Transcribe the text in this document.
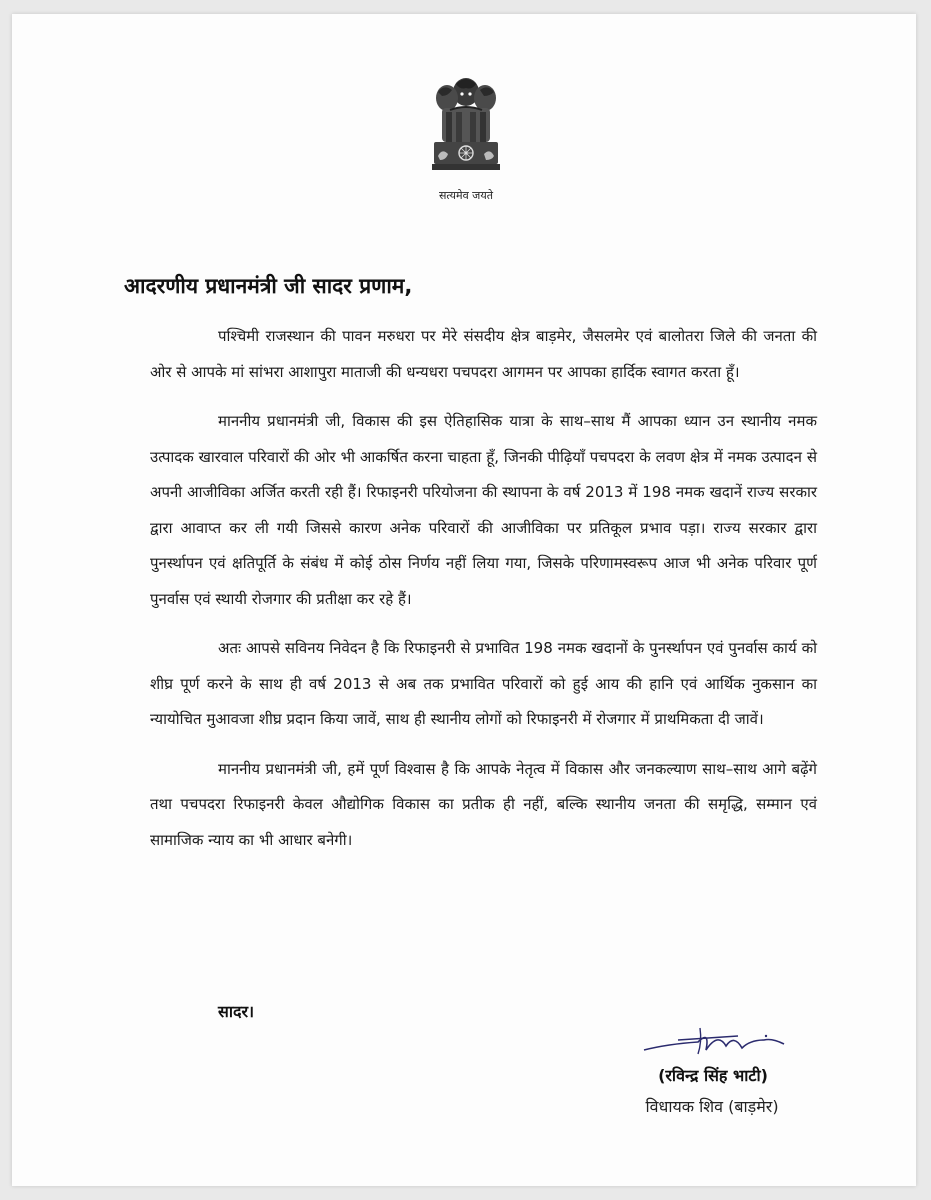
सत्यमेव जयते
आदरणीय प्रधानमंत्री जी सादर प्रणाम,

पश्चिमी राजस्थान की पावन मरुधरा पर मेरे संसदीय क्षेत्र बाड़मेर, जैसलमेर एवं बालोतरा जिले की जनता की ओर से आपके मां सांभरा आशापुरा माताजी की धन्यधरा पचपदरा आगमन पर आपका हार्दिक स्वागत करता हूँ।

माननीय प्रधानमंत्री जी, विकास की इस ऐतिहासिक यात्रा के साथ–साथ मैं आपका ध्यान उन स्थानीय नमक उत्पादक खारवाल परिवारों की ओर भी आकर्षित करना चाहता हूँ, जिनकी पीढ़ियाँ पचपदरा के लवण क्षेत्र में नमक उत्पादन से अपनी आजीविका अर्जित करती रही हैं। रिफाइनरी परियोजना की स्थापना के वर्ष 2013 में 198 नमक खदानें राज्य सरकार द्वारा आवाप्त कर ली गयी जिससे कारण अनेक परिवारों की आजीविका पर प्रतिकूल प्रभाव पड़ा। राज्य सरकार द्वारा पुनर्स्थापन एवं क्षतिपूर्ति के संबंध में कोई ठोस निर्णय नहीं लिया गया, जिसके परिणामस्वरूप आज भी अनेक परिवार पूर्ण पुनर्वास एवं स्थायी रोजगार की प्रतीक्षा कर रहे हैं।

अतः आपसे सविनय निवेदन है कि रिफाइनरी से प्रभावित 198 नमक खदानों के पुनर्स्थापन एवं पुनर्वास कार्य को शीघ्र पूर्ण करने के साथ ही वर्ष 2013 से अब तक प्रभावित परिवारों को हुई आय की हानि एवं आर्थिक नुकसान का न्यायोचित मुआवजा शीघ्र प्रदान किया जावें, साथ ही स्थानीय लोगों को रिफाइनरी में रोजगार में प्राथमिकता दी जावें।

माननीय प्रधानमंत्री जी, हमें पूर्ण विश्वास है कि आपके नेतृत्व में विकास और जनकल्याण साथ–साथ आगे बढ़ेंगे तथा पचपदरा रिफाइनरी केवल औद्योगिक विकास का प्रतीक ही नहीं, बल्कि स्थानीय जनता की समृद्धि, सम्मान एवं सामाजिक न्याय का भी आधार बनेगी।

सादर।
(रविन्द्र सिंह भाटी)
विधायक शिव (बाड़मेर)
